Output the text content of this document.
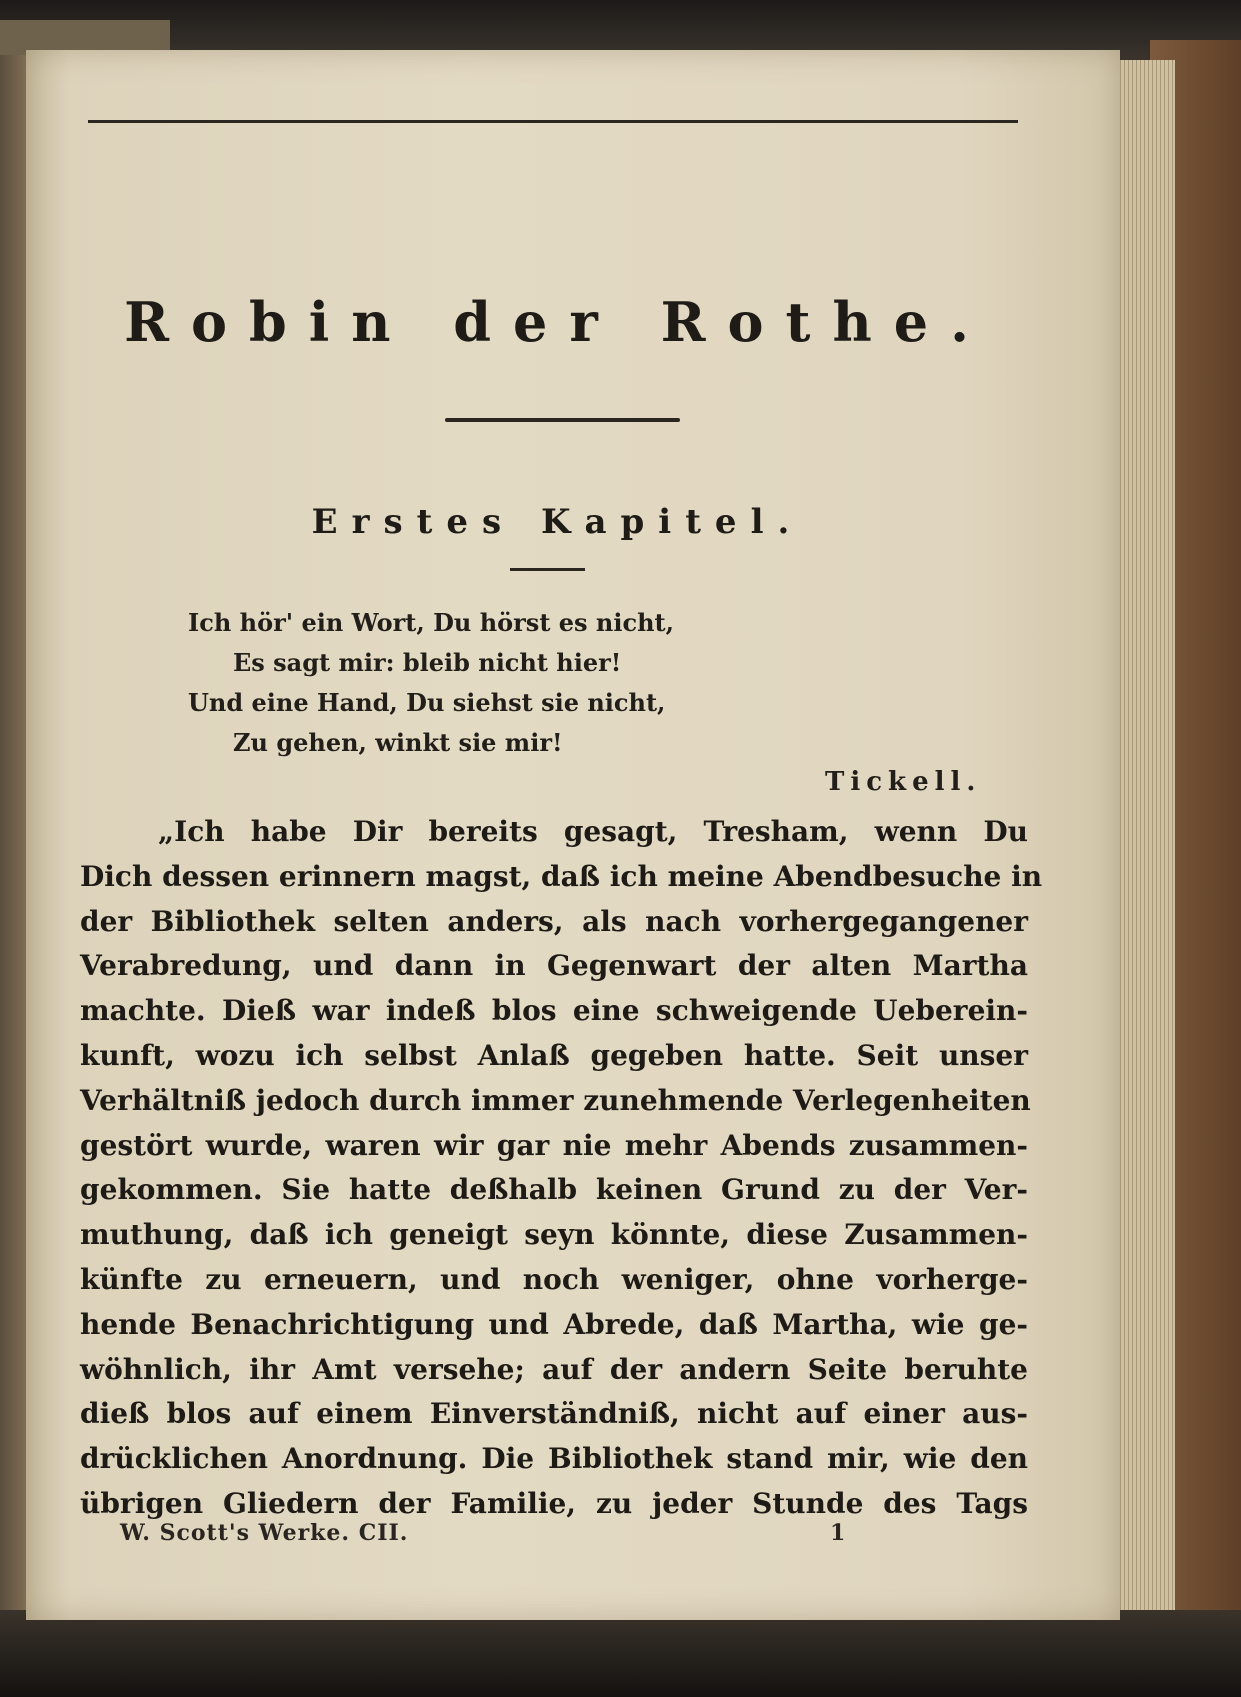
Robin der Rothe.
Erstes Kapitel.
Ich hör' ein Wort, Du hörst es nicht,
Es sagt mir: bleib nicht hier!
Und eine Hand, Du siehst sie nicht,
Zu gehen, winkt sie mir!
Tickell.
„Ich habe Dir bereits gesagt, Tresham, wenn Du
Dich dessen erinnern magst, daß ich meine Abendbesuche in
der Bibliothek selten anders, als nach vorhergegangener
Verabredung, und dann in Gegenwart der alten Martha
machte. Dieß war indeß blos eine schweigende Ueberein-
kunft, wozu ich selbst Anlaß gegeben hatte. Seit unser
Verhältniß jedoch durch immer zunehmende Verlegenheiten
gestört wurde, waren wir gar nie mehr Abends zusammen-
gekommen. Sie hatte deßhalb keinen Grund zu der Ver-
muthung, daß ich geneigt seyn könnte, diese Zusammen-
künfte zu erneuern, und noch weniger, ohne vorherge-
hende Benachrichtigung und Abrede, daß Martha, wie ge-
wöhnlich, ihr Amt versehe; auf der andern Seite beruhte
dieß blos auf einem Einverständniß, nicht auf einer aus-
drücklichen Anordnung. Die Bibliothek stand mir, wie den
übrigen Gliedern der Familie, zu jeder Stunde des Tags
W. Scott's Werke. CII.	1
